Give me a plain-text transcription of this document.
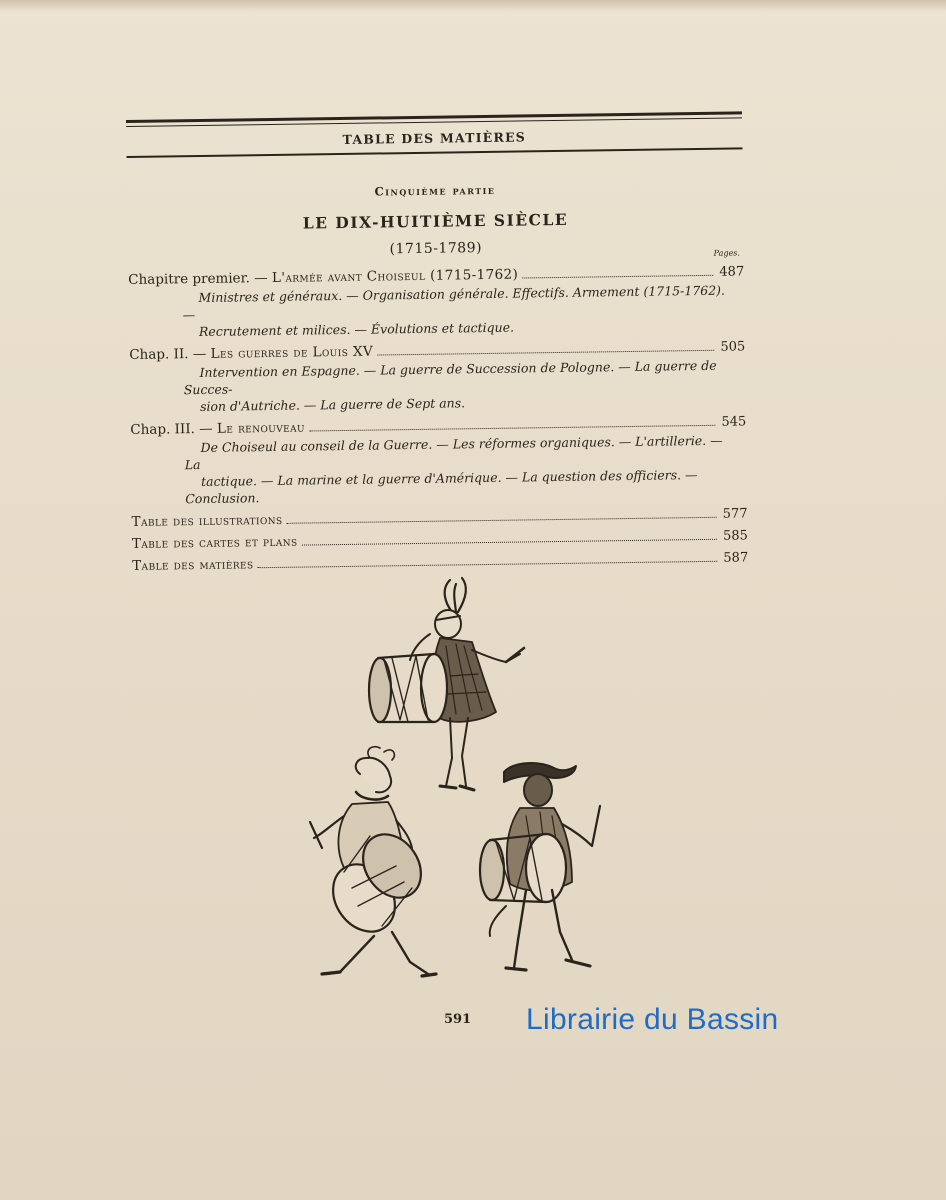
TABLE DES MATIÈRES
Cinquième partie
LE DIX-HUITIÈME SIÈCLE
(1715-1789)	Pages.
Chapitre premier. — L'armée avant Choiseul (1715-1762)	487

Ministres et généraux. — Organisation générale. Effectifs. Armement (1715-1762). —

Recrutement et milices. — Évolutions et tactique.

Chap. II. — Les guerres de Louis XV	505

Intervention en Espagne. — La guerre de Succession de Pologne. — La guerre de Succes-

sion d'Autriche. — La guerre de Sept ans.

Chap. III. — Le renouveau	545

De Choiseul au conseil de la Guerre. — Les réformes organiques. — L'artillerie. — La

tactique. — La marine et la guerre d'Amérique. — La question des officiers. — Conclusion.

Table des illustrations	577
Table des cartes et plans	585
Table des matières	587
591 Librairie du Bassin
